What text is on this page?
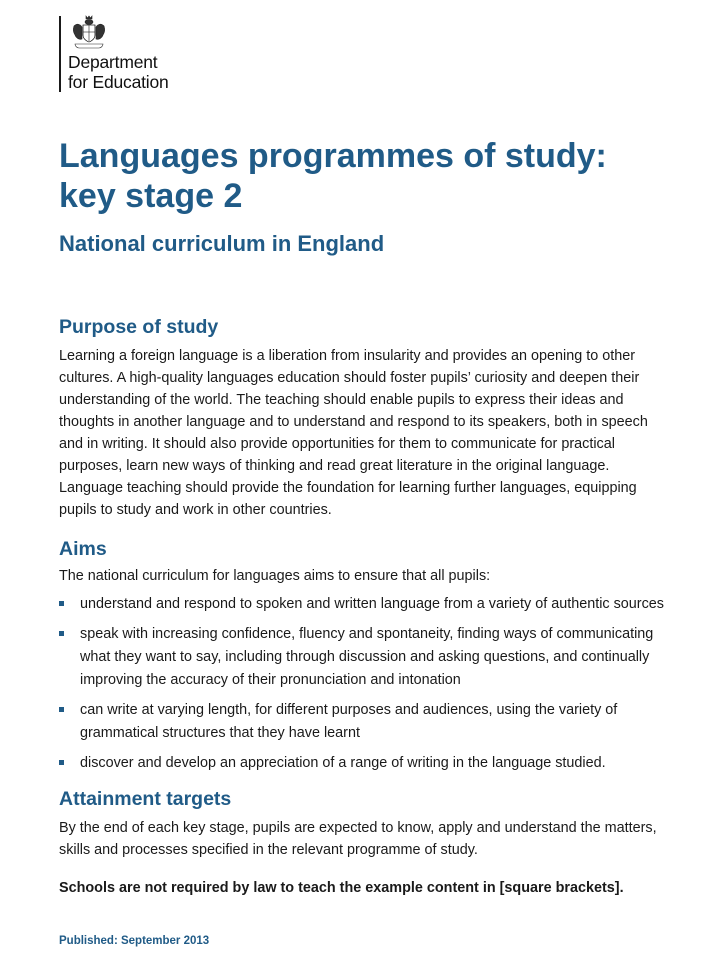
Department
for Education
Languages programmes of study:
key stage 2
National curriculum in England
Purpose of study

Learning a foreign language is a liberation from insularity and provides an opening to other cultures. A high-quality languages education should foster pupils’ curiosity and deepen their understanding of the world. The teaching should enable pupils to express their ideas and thoughts in another language and to understand and respond to its speakers, both in speech and in writing. It should also provide opportunities for them to communicate for practical purposes, learn new ways of thinking and read great literature in the original language. Language teaching should provide the foundation for learning further languages, equipping pupils to study and work in other countries.

Aims

The national curriculum for languages aims to ensure that all pupils:

understand and respond to spoken and written language from a variety of authentic sources

speak with increasing confidence, fluency and spontaneity, finding ways of communicating what they want to say, including through discussion and asking questions, and continually improving the accuracy of their pronunciation and intonation

can write at varying length, for different purposes and audiences, using the variety of grammatical structures that they have learnt

discover and develop an appreciation of a range of writing in the language studied.

Attainment targets

By the end of each key stage, pupils are expected to know, apply and understand the matters, skills and processes specified in the relevant programme of study.

Schools are not required by law to teach the example content in [square brackets].

Published: September 2013
